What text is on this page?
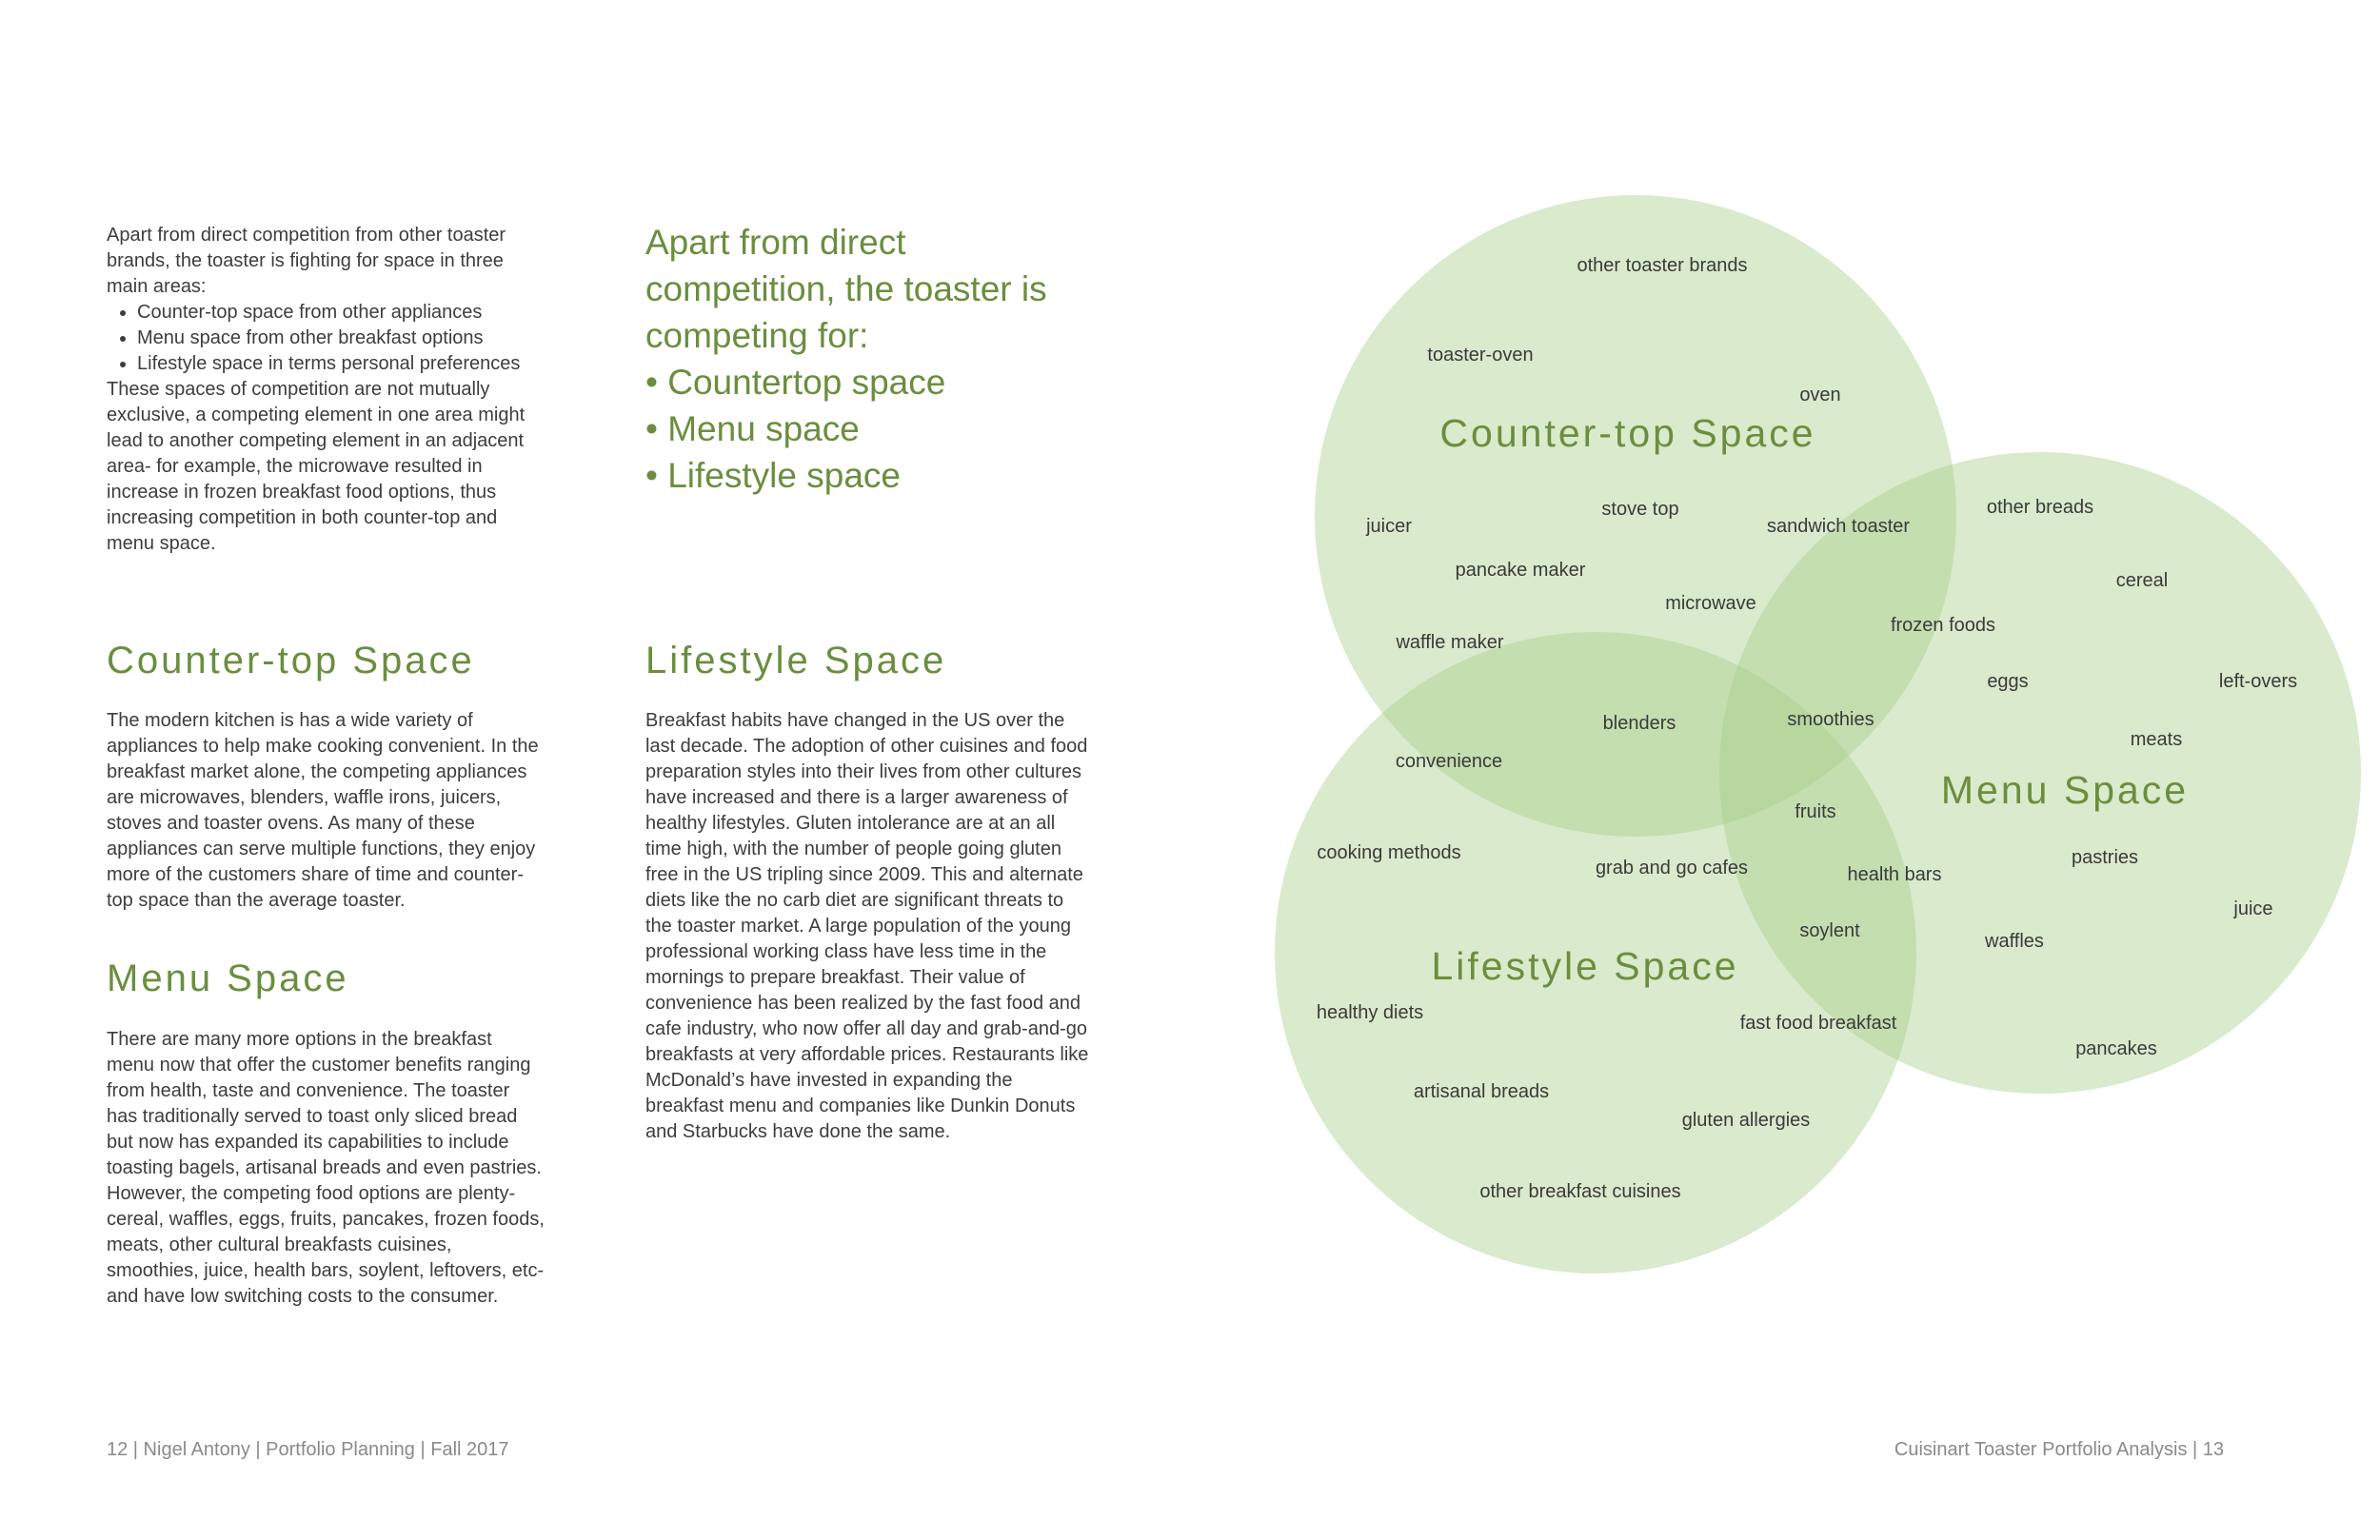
Apart from direct competition from other toaster brands, the toaster is fighting for space in three main areas:

• Counter-top space from other appliances
• Menu space from other breakfast options
• Lifestyle space in terms personal preferences

These spaces of competition are not mutually exclusive, a competing element in one area might lead to another competing element in an adjacent area- for example, the microwave resulted in increase in frozen breakfast food options, thus increasing competition in both counter-top and menu space.

Apart from direct competition, the toaster is competing for:
• Countertop space
• Menu space
• Lifestyle space
Counter-top Space
The modern kitchen is has a wide variety of appliances to help make cooking convenient. In the breakfast market alone, the competing appliances are microwaves, blenders, waffle irons, juicers, stoves and toaster ovens. As many of these appliances can serve multiple functions, they enjoy more of the customers share of time and counter-top space than the average toaster.
Menu Space
There are many more options in the breakfast menu now that offer the customer benefits ranging from health, taste and convenience. The toaster has traditionally served to toast only sliced bread but now has expanded its capabilities to include toasting bagels, artisanal breads and even pastries. However, the competing food options are plenty- cereal, waffles, eggs, fruits, pancakes, frozen foods, meats, other cultural breakfasts cuisines, smoothies, juice, health bars, soylent, leftovers, etc- and have low switching costs to the consumer.
Lifestyle Space
Breakfast habits have changed in the US over the last decade. The adoption of other cuisines and food preparation styles into their lives from other cultures have increased and there is a larger awareness of healthy lifestyles. Gluten intolerance are at an all time high, with the number of people going gluten free in the US tripling since 2009. This and alternate diets like the no carb diet are significant threats to the toaster market. A large population of the young professional working class have less time in the mornings to prepare breakfast. Their value of convenience has been realized by the fast food and cafe industry, who now offer all day and grab-and-go breakfasts at very affordable prices. Restaurants like McDonald’s have invested in expanding the breakfast menu and companies like Dunkin Donuts and Starbucks have done the same.
Counter-top Space
Menu Space
Lifestyle Space
other toaster brands
toaster-oven
oven
juicer
stove top
sandwich toaster
other breads
pancake maker	cereal
microwave
frozen foods
waffle maker
eggs	left-overs
blenders	smoothies
meats
convenience
fruits
cooking methods
grab and go cafes	health bars
pastries
juice
soylent	waffles
healthy diets	fast food breakfast
pancakes
artisanal breads
gluten allergies
other breakfast cuisines
12 | Nigel Antony | Portfolio Planning | Fall 2017	Cuisinart Toaster Portfolio Analysis | 13
